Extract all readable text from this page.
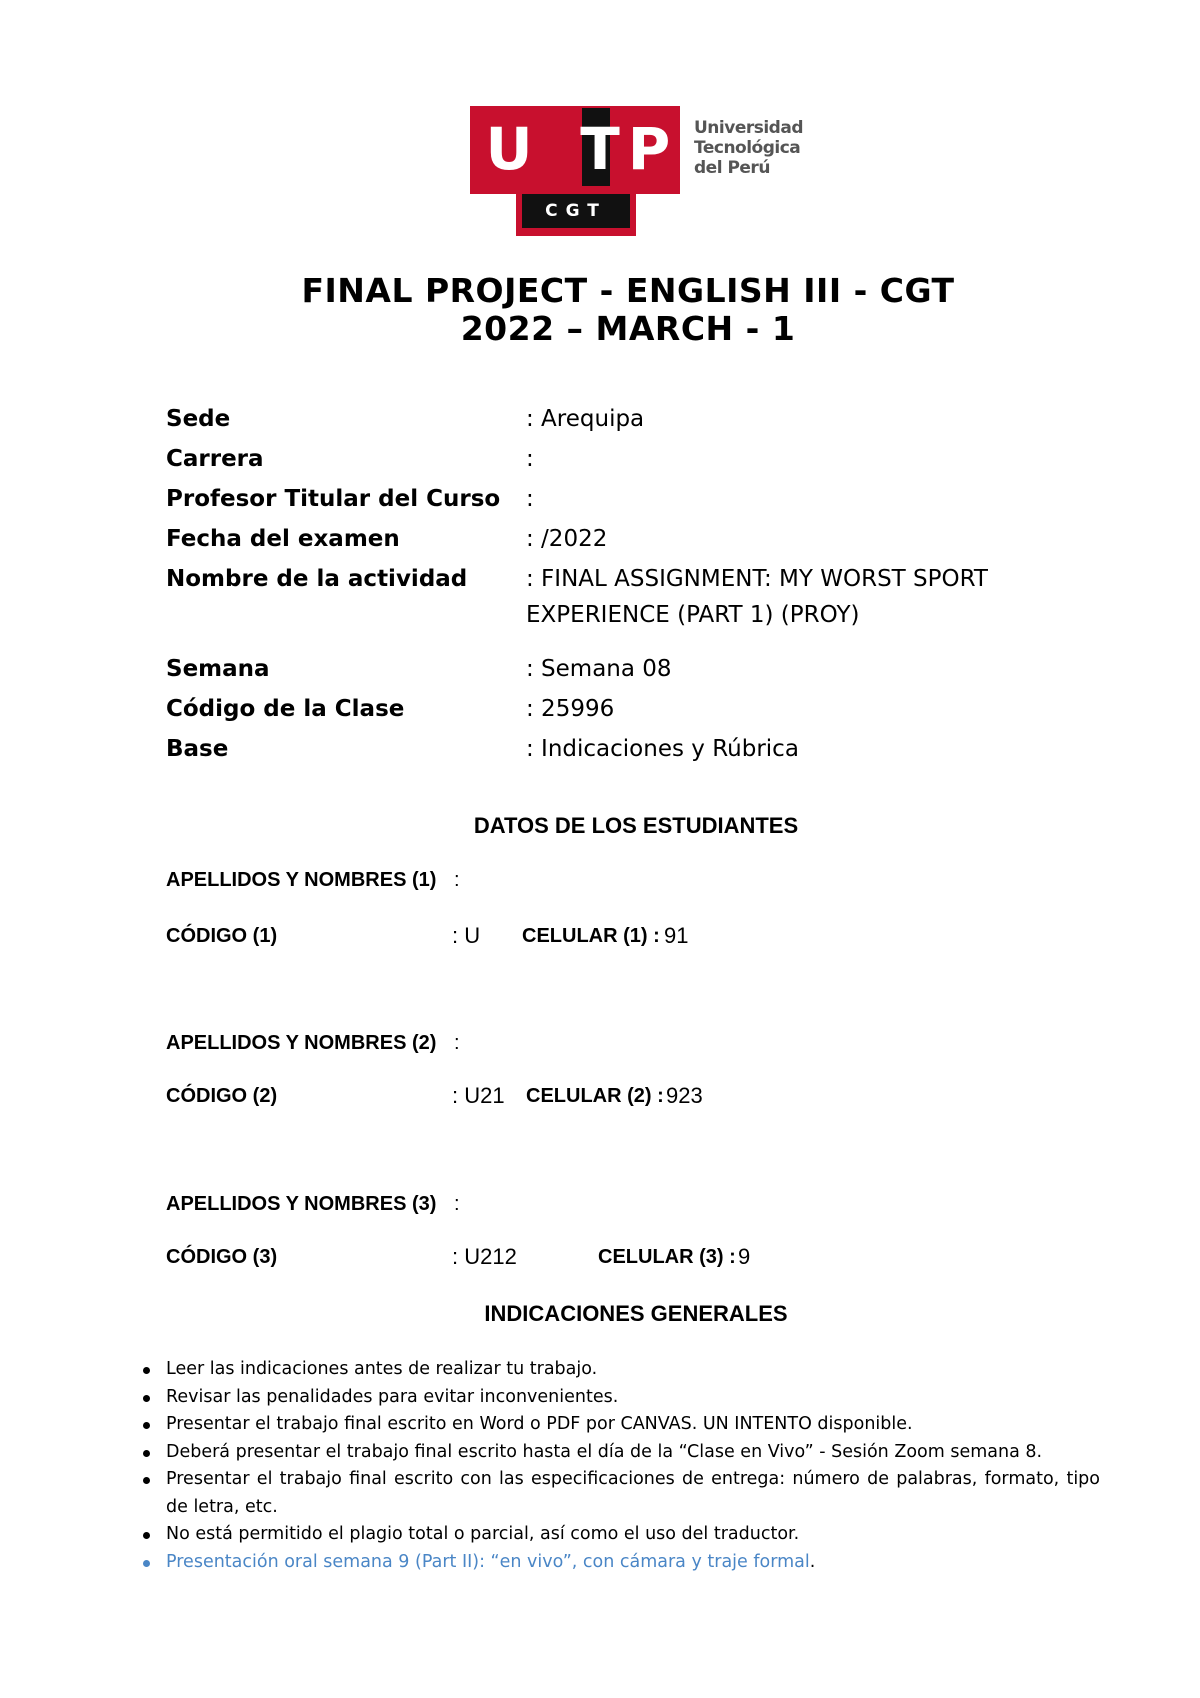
U T P
CGT
Universidad
Tecnológica
del Perú
FINAL PROJECT - ENGLISH III - CGT
2022 – MARCH - 1
Sede	: Arequipa
Carrera	:
Profesor Titular del Curso :
Fecha del examen	: /2022
Nombre de la actividad	: FINAL ASSIGNMENT: MY WORST SPORT
EXPERIENCE (PART 1) (PROY)
Semana	: Semana 08
Código de la Clase	: 25996
Base	: Indicaciones y Rúbrica
DATOS DE LOS ESTUDIANTES
APELLIDOS Y NOMBRES (1) :
CÓDIGO (1)	: U CELULAR (1) : 91
APELLIDOS Y NOMBRES (2) :
CÓDIGO (2)	: U21 CELULAR (2) : 923
APELLIDOS Y NOMBRES (3) :
CÓDIGO (3)	: U212	CELULAR (3) : 9
INDICACIONES GENERALES
Leer las indicaciones antes de realizar tu trabajo.
Revisar las penalidades para evitar inconvenientes.
Presentar el trabajo final escrito en Word o PDF por CANVAS. UN INTENTO disponible.
Deberá presentar el trabajo final escrito hasta el día de la “Clase en Vivo” - Sesión Zoom semana 8.
Presentar el trabajo final escrito con las especificaciones de entrega: número de palabras, formato, tipo de letra, etc.
No está permitido el plagio total o parcial, así como el uso del traductor.
Presentación oral semana 9 (Part II): “en vivo”, con cámara y traje formal.
